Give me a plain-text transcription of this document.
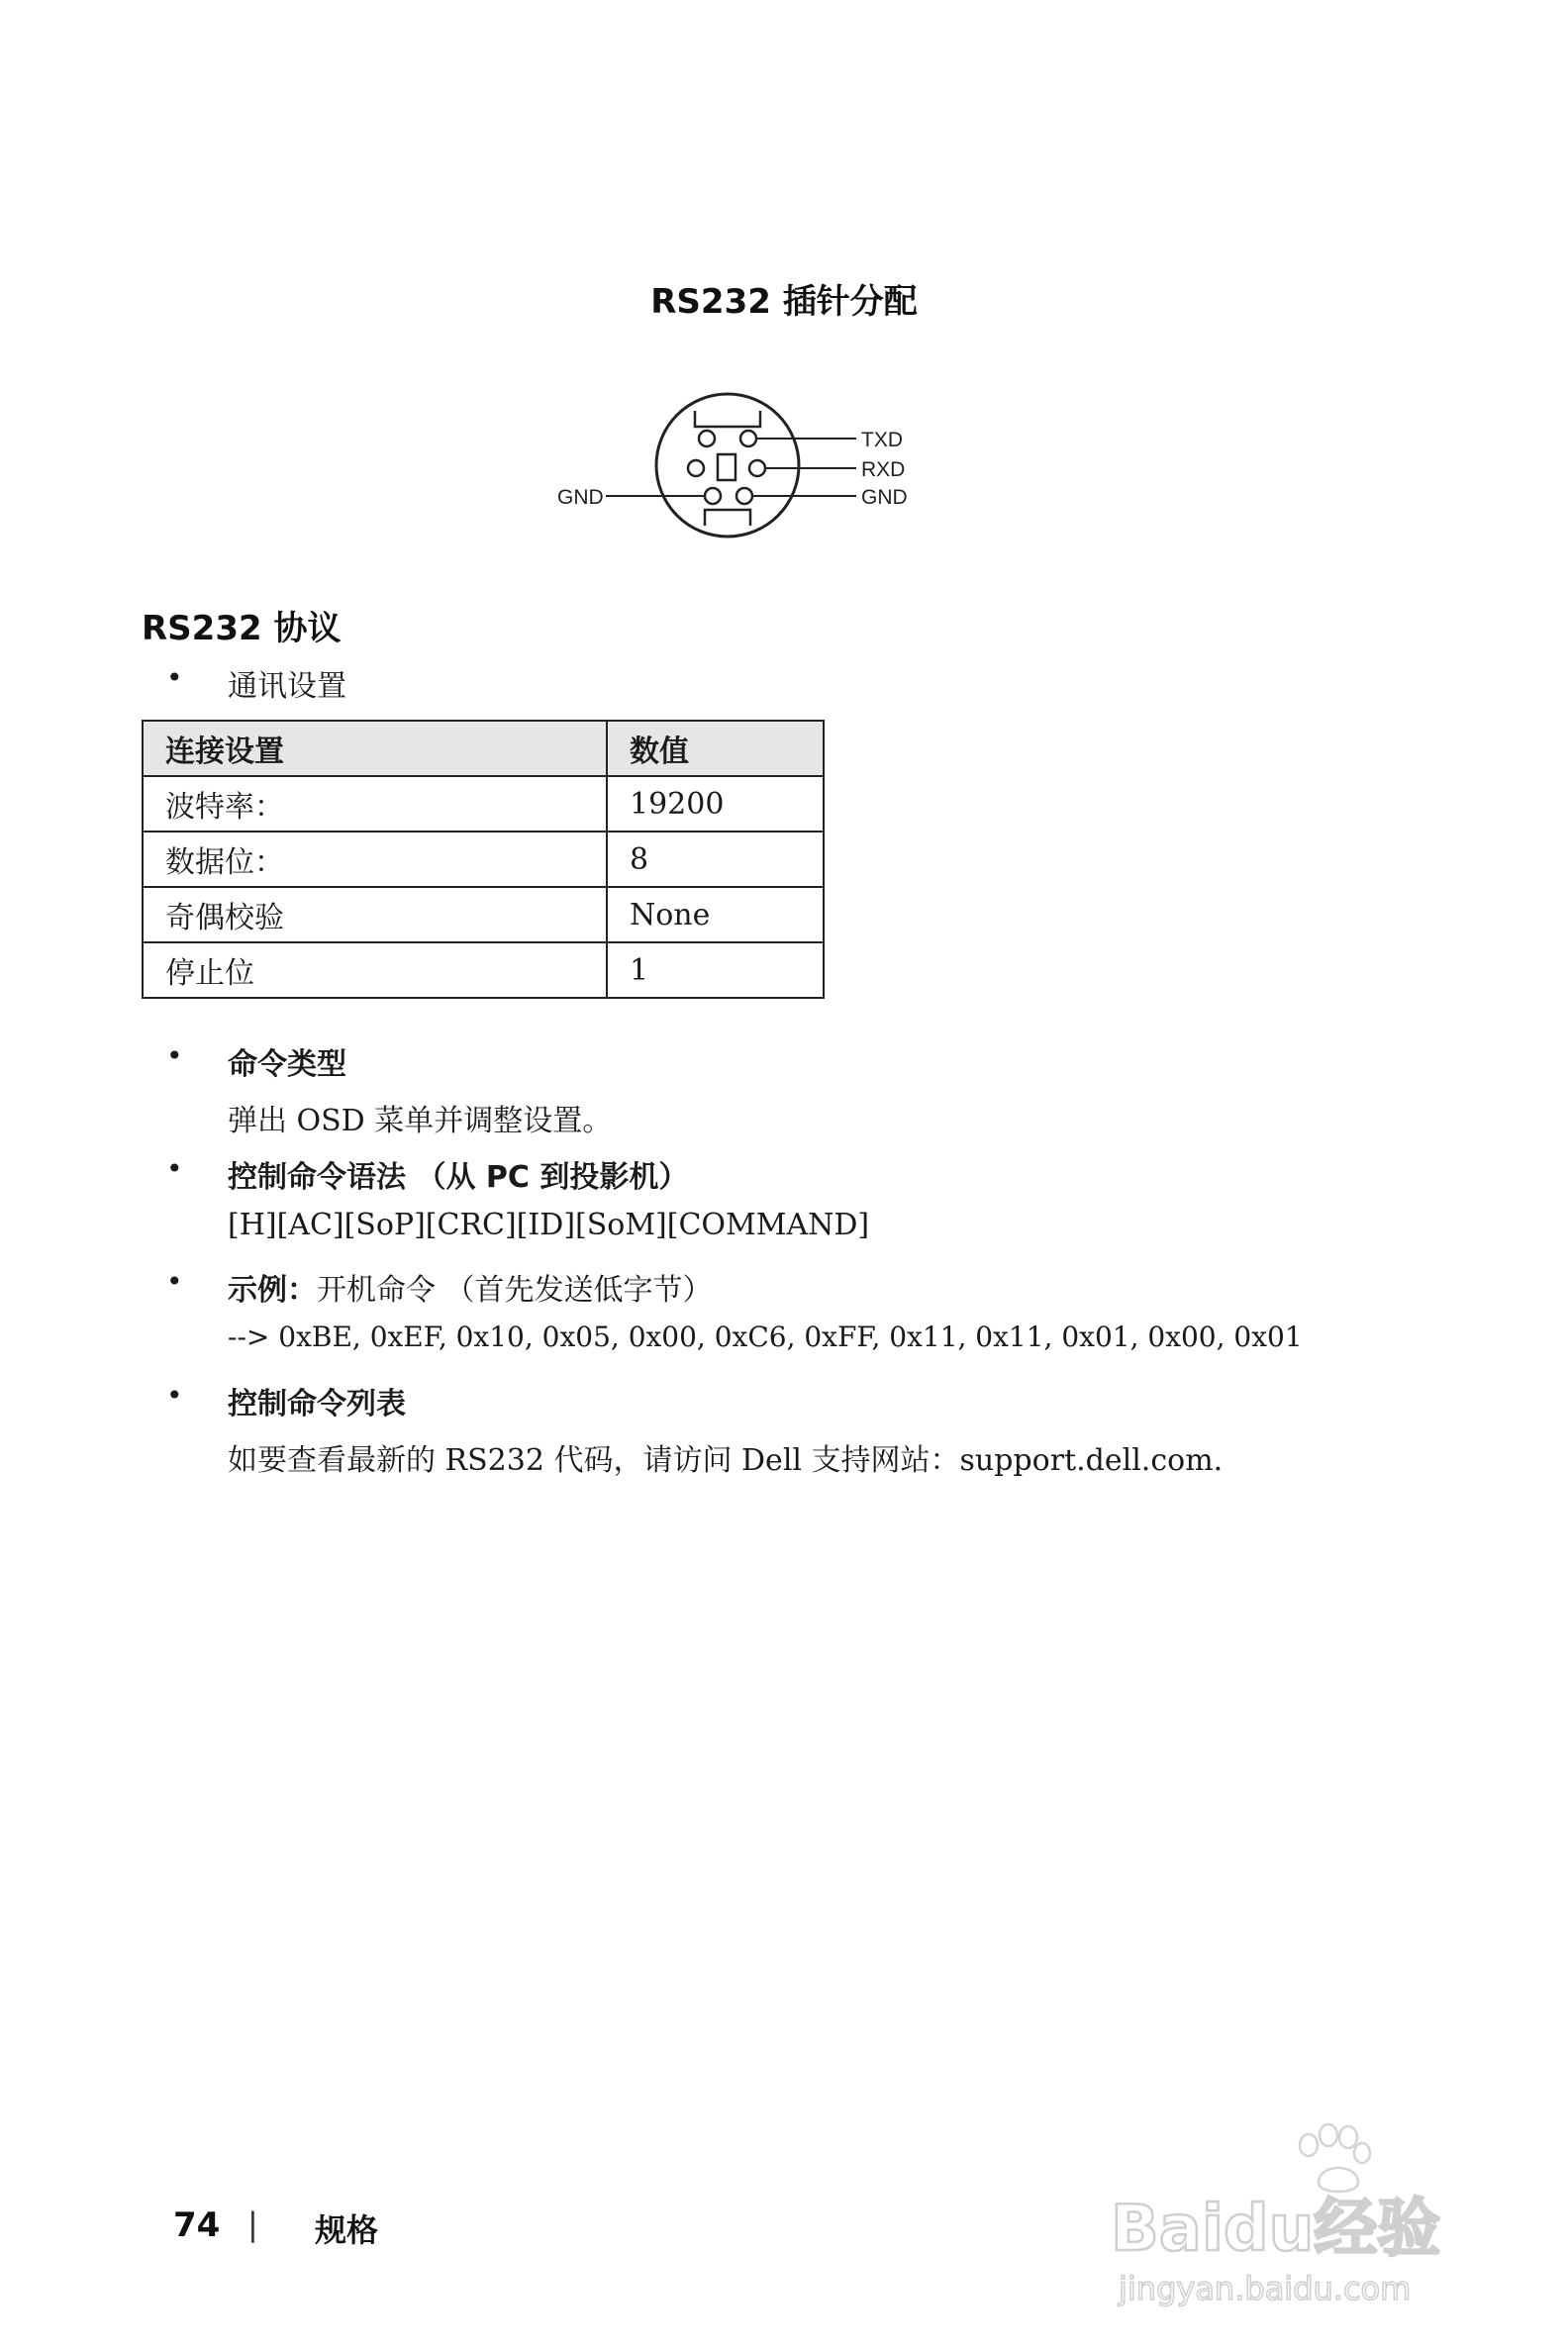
RS232 插针分配
TXD
RXD
GND
GND
RS232 协议
• 通讯设置
连接设置	数值
波特率：	19200
数据位：	8
奇偶校验	None
停止位	1
• 命令类型
弹出 OSD 菜单并调整设置。
• 控制命令语法 （从 PC 到投影机）
[H][AC][SoP][CRC][ID][SoM][COMMAND]
• 示例：开机命令 （首先发送低字节）
--> 0xBE, 0xEF, 0x10, 0x05, 0x00, 0xC6, 0xFF, 0x11, 0x11, 0x01, 0x00, 0x01
• 控制命令列表
如要查看最新的 RS232 代码，请访问 Dell 支持网站：support.dell.com.
74 | 规格	Baidu经验
jingyan.baidu.com
